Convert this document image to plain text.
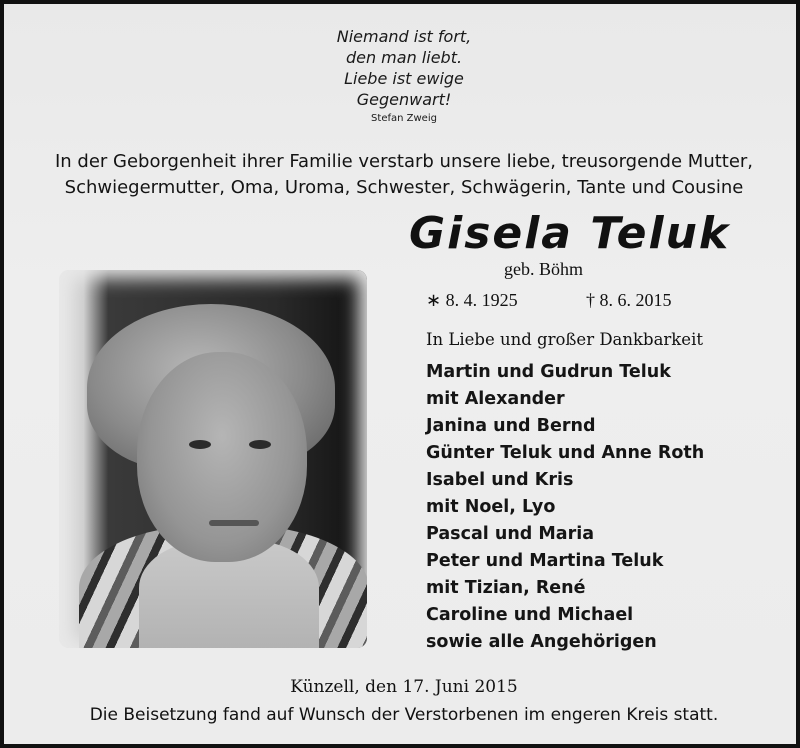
Niemand ist fort,
den man liebt.
Liebe ist ewige
Gegenwart!
Stefan Zweig
In der Geborgenheit ihrer Familie verstarb unsere liebe, treusorgende Mutter,
Schwiegermutter, Oma, Uroma, Schwester, Schwägerin, Tante und Cousine
Gisela Teluk
geb. Böhm
∗ 8. 4. 1925	† 8. 6. 2015
In Liebe und großer Dankbarkeit
Martin und Gudrun Teluk
mit Alexander
Janina und Bernd
Günter Teluk und Anne Roth
Isabel und Kris
mit Noel, Lyo
Pascal und Maria
Peter und Martina Teluk
mit Tizian, René
Caroline und Michael
sowie alle Angehörigen
Künzell, den 17. Juni 2015
Die Beisetzung fand auf Wunsch der Verstorbenen im engeren Kreis statt.
